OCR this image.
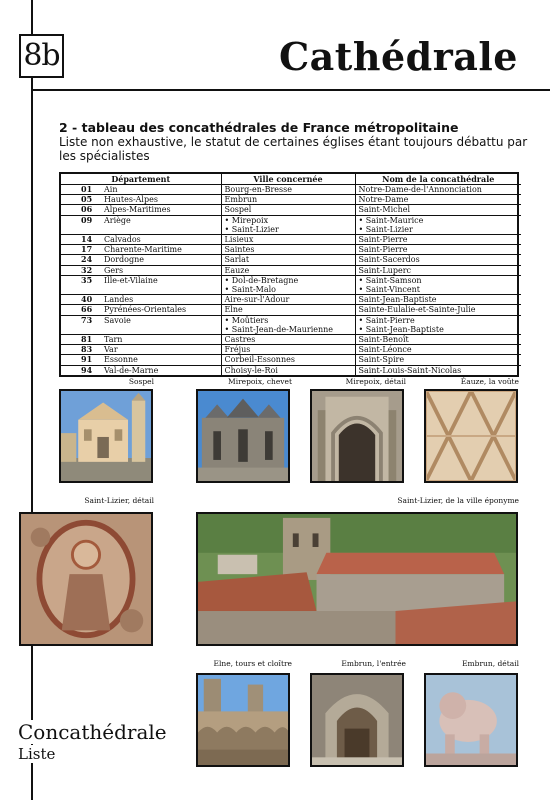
8b	Cathédrale
2 - tableau des concathédrales de France métropolitaine
Liste non exhaustive, le statut de certaines églises étant toujours débattu par les spécialistes
Département		Ville concernée	Nom de la concathédrale
01	Ain	Bourg-en-Bresse	Notre-Dame-de-l'Annonciation
05	Hautes-Alpes	Embrun	Notre-Dame
06	Alpes-Maritimes	Sospel	Saint-Michel
09	Ariège	• Mirepoix	• Saint-Maurice
		• Saint-Lizier	• Saint-Lizier
14	Calvados	Lisieux	Saint-Pierre
17	Charente-Maritime	Saintes	Saint-Pierre
24	Dordogne	Sarlat	Saint-Sacerdos
32	Gers	Eauze	Saint-Luperc
35	Ille-et-Vilaine	• Dol-de-Bretagne	• Saint-Samson
		• Saint-Malo	• Saint-Vincent
40	Landes	Aire-sur-l'Adour	Saint-Jean-Baptiste
66	Pyrénées-Orientales	Elne	Sainte-Eulalie-et-Sainte-Julie
73	Savoie	• Moûtiers	• Saint-Pierre
		• Saint-Jean-de-Maurienne	• Saint-Jean-Baptiste
81	Tarn	Castres	Saint-Benoît
83	Var	Fréjus	Saint-Léonce
91	Essonne	Corbeil-Essonnes	Saint-Spire
94	Val-de-Marne	Choisy-le-Roi	Saint-Louis-Saint-Nicolas
Sospel	Mirepoix, chevet	Mirepoix, détail	Éauze, la voûte
Saint-Lizier, détail	Saint-Lizier, de la ville éponyme
Elne, tours et cloître	Embrun, l'entrée	Embrun, détail
Concathédrale
Liste
